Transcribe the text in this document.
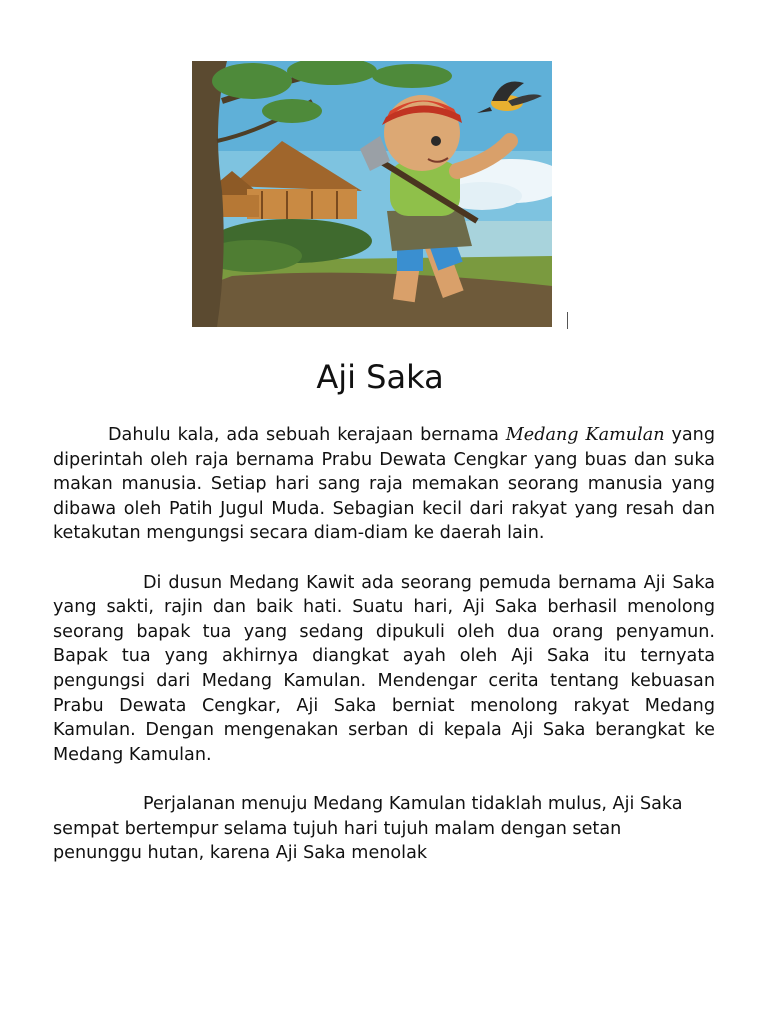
Aji Saka

Dahulu kala, ada sebuah kerajaan bernama Medang Kamulan yang diperintah oleh raja bernama Prabu Dewata Cengkar yang buas dan suka makan manusia. Setiap hari sang raja memakan seorang manusia yang dibawa oleh Patih Jugul Muda. Sebagian kecil dari rakyat yang resah dan ketakutan mengungsi secara diam-diam ke daerah lain.

Di dusun Medang Kawit ada seorang pemuda bernama Aji Saka yang sakti, rajin dan baik hati. Suatu hari, Aji Saka berhasil menolong seorang bapak tua yang sedang dipukuli oleh dua orang penyamun. Bapak tua yang akhirnya diangkat ayah oleh Aji Saka itu ternyata pengungsi dari Medang Kamulan. Mendengar cerita tentang kebuasan Prabu Dewata Cengkar, Aji Saka berniat menolong rakyat Medang Kamulan. Dengan mengenakan serban di kepala Aji Saka berangkat ke Medang Kamulan.

Perjalanan menuju Medang Kamulan tidaklah mulus, Aji Saka sempat bertempur selama tujuh hari tujuh malam dengan setan penunggu hutan, karena Aji Saka menolak
